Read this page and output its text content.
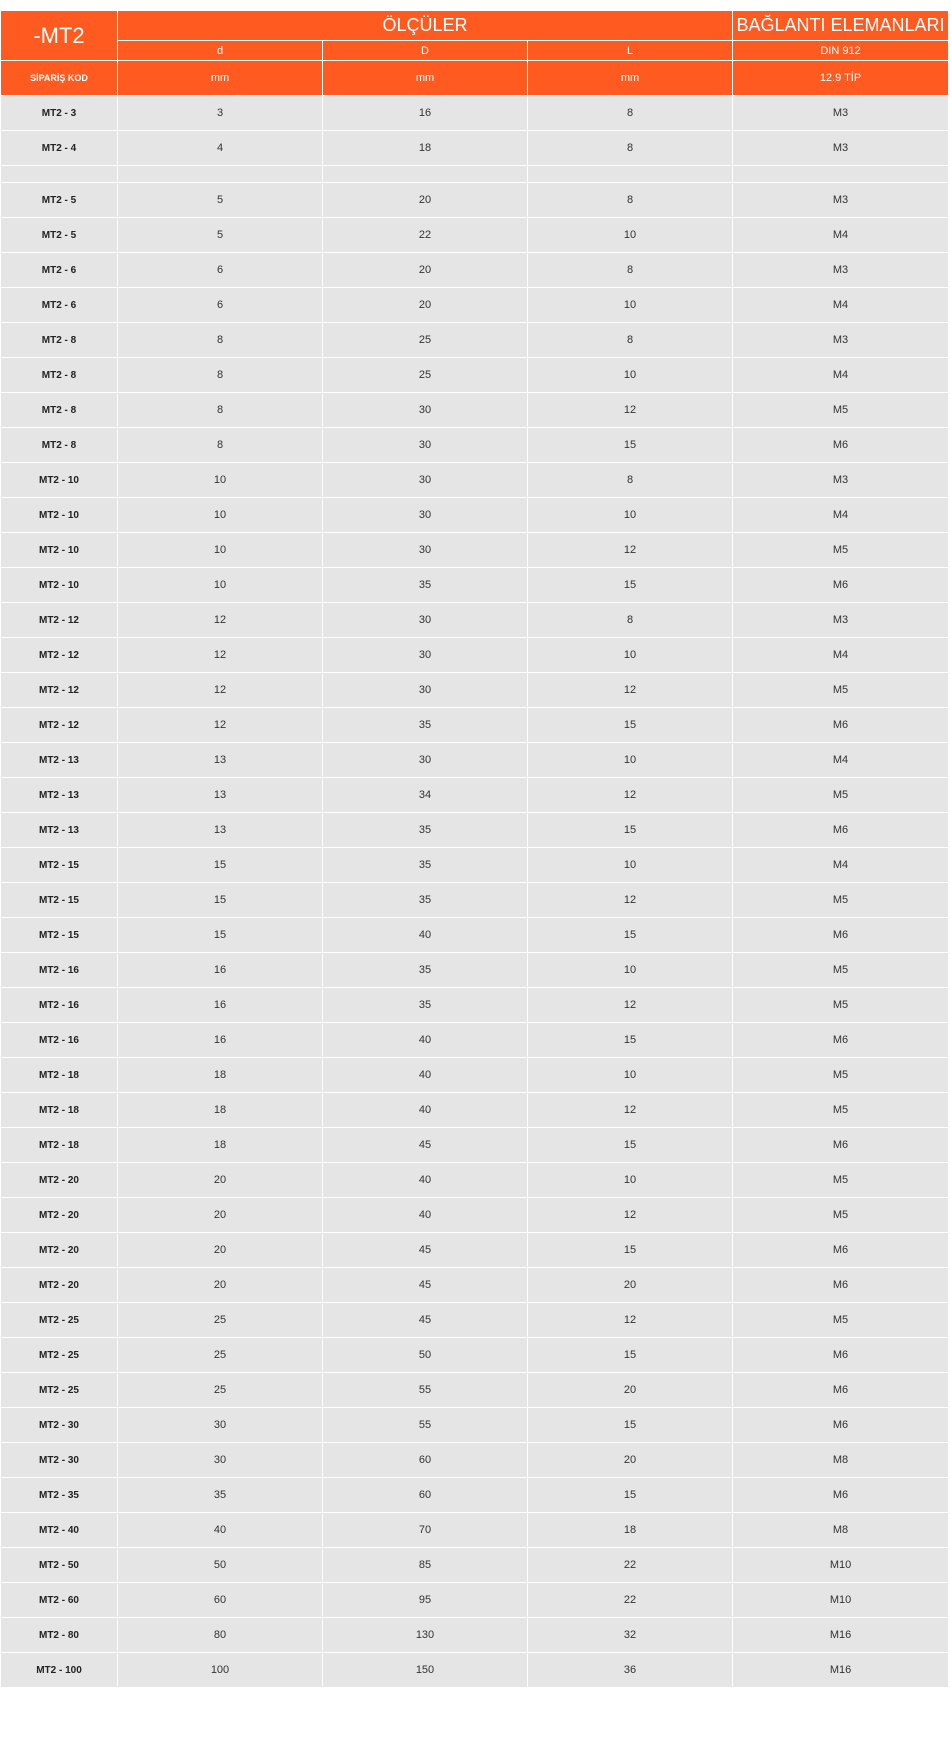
-MT2	ÖLÇÜLER			BAĞLANTI ELEMANLARI
	d	D	L	DIN 912
SİPARİŞ KOD	mm	mm	mm	12.9 TİP
MT2 - 3	3	16	8	M3
MT2 - 4	4	18	8	M3

MT2 - 5	5	20	8	M3
MT2 - 5	5	22	10	M4
MT2 - 6	6	20	8	M3
MT2 - 6	6	20	10	M4
MT2 - 8	8	25	8	M3
MT2 - 8	8	25	10	M4
MT2 - 8	8	30	12	M5
MT2 - 8	8	30	15	M6
MT2 - 10	10	30	8	M3
MT2 - 10	10	30	10	M4
MT2 - 10	10	30	12	M5
MT2 - 10	10	35	15	M6
MT2 - 12	12	30	8	M3
MT2 - 12	12	30	10	M4
MT2 - 12	12	30	12	M5
MT2 - 12	12	35	15	M6
MT2 - 13	13	30	10	M4
MT2 - 13	13	34	12	M5
MT2 - 13	13	35	15	M6
MT2 - 15	15	35	10	M4
MT2 - 15	15	35	12	M5
MT2 - 15	15	40	15	M6
MT2 - 16	16	35	10	M5
MT2 - 16	16	35	12	M5
MT2 - 16	16	40	15	M6
MT2 - 18	18	40	10	M5
MT2 - 18	18	40	12	M5
MT2 - 18	18	45	15	M6
MT2 - 20	20	40	10	M5
MT2 - 20	20	40	12	M5
MT2 - 20	20	45	15	M6
MT2 - 20	20	45	20	M6
MT2 - 25	25	45	12	M5
MT2 - 25	25	50	15	M6
MT2 - 25	25	55	20	M6
MT2 - 30	30	55	15	M6
MT2 - 30	30	60	20	M8
MT2 - 35	35	60	15	M6
MT2 - 40	40	70	18	M8
MT2 - 50	50	85	22	M10
MT2 - 60	60	95	22	M10
MT2 - 80	80	130	32	M16
MT2 - 100	100	150	36	M16
